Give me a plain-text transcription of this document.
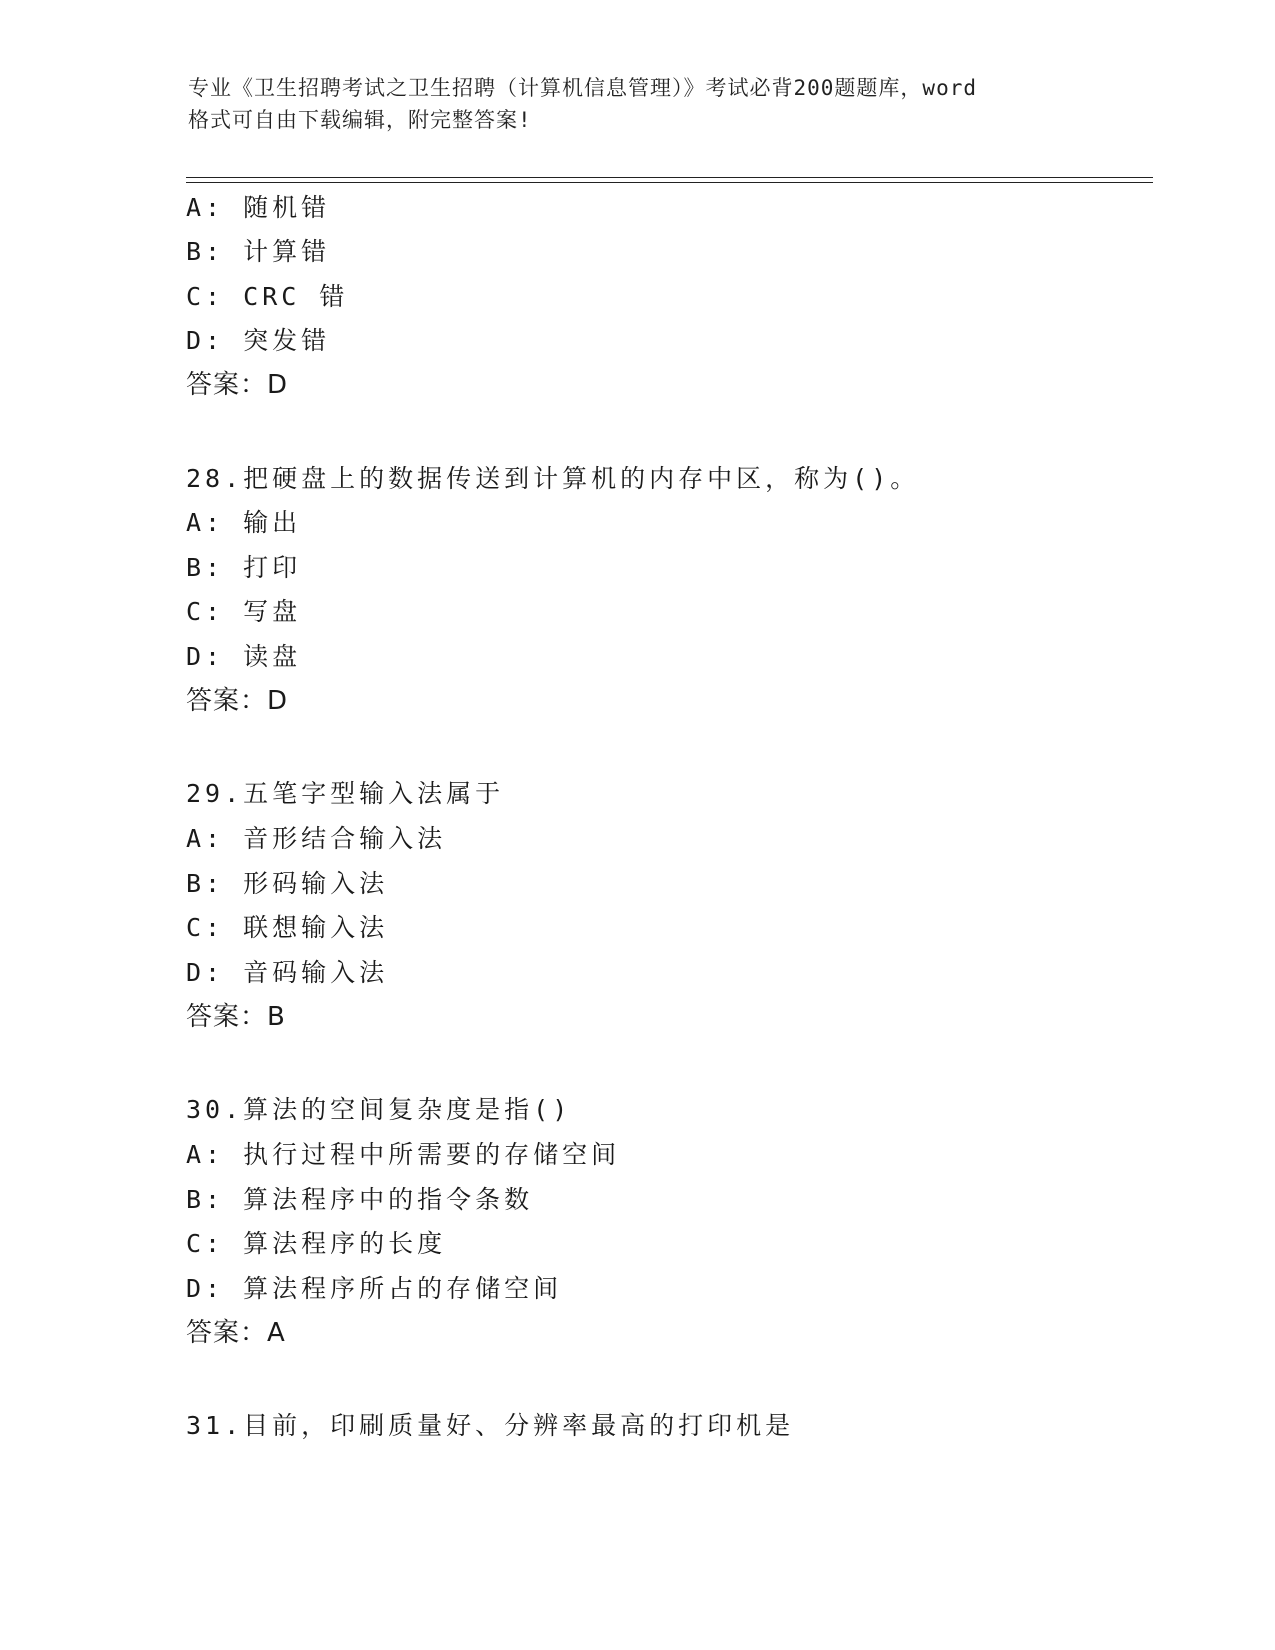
专业《卫生招聘考试之卫生招聘（计算机信息管理）》考试必背200题题库，word
格式可自由下载编辑，附完整答案!
A: 随机错
B: 计算错
C: CRC 错
D: 突发错
答案：D
28.把硬盘上的数据传送到计算机的内存中区，称为()。
A: 输出
B: 打印
C: 写盘
D: 读盘
答案：D
29.五笔字型输入法属于
A: 音形结合输入法
B: 形码输入法
C: 联想输入法
D: 音码输入法
答案：B
30.算法的空间复杂度是指()
A: 执行过程中所需要的存储空间
B: 算法程序中的指令条数
C: 算法程序的长度
D: 算法程序所占的存储空间
答案：A
31.目前，印刷质量好、分辨率最高的打印机是
